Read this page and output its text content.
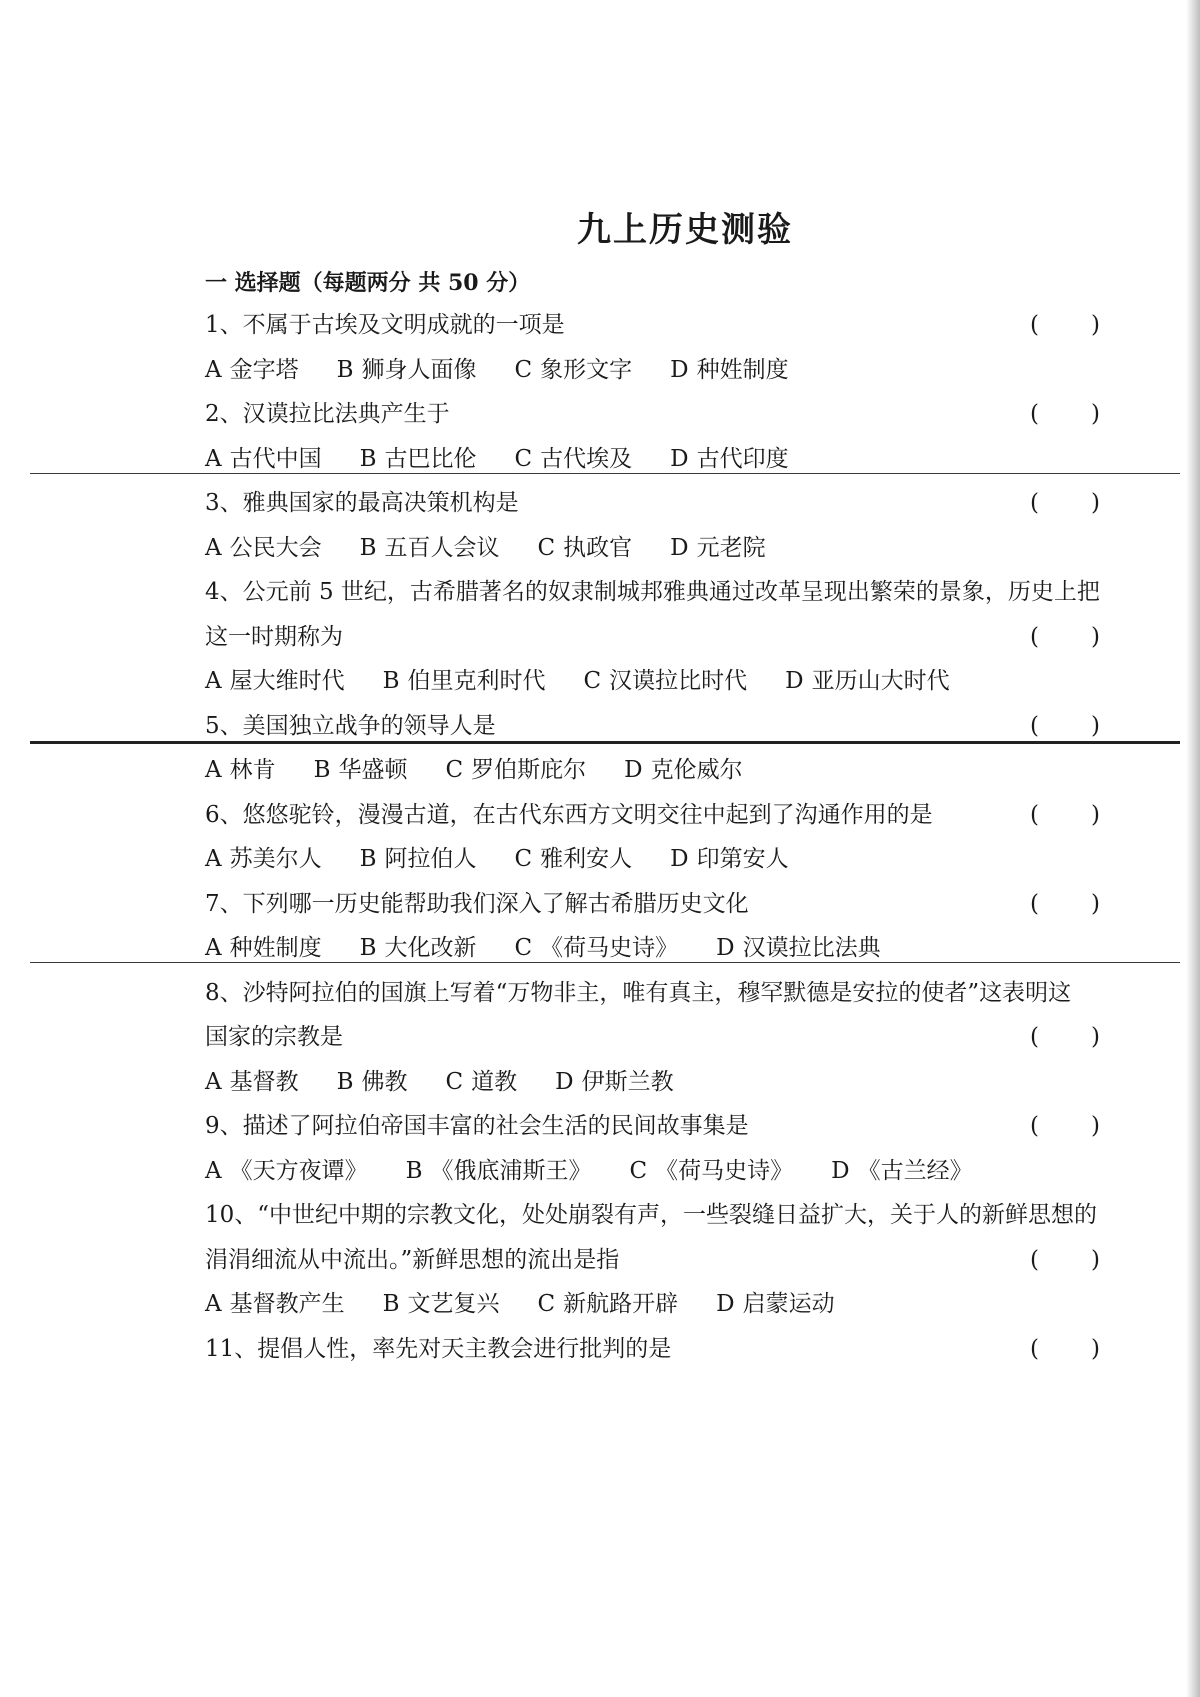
九上历史测验
一 选择题（每题两分 共 50 分）
1、不属于古埃及文明成就的一项是	( )
A 金字塔 B 狮身人面像 C 象形文字 D 种姓制度
2、汉谟拉比法典产生于	( )
A 古代中国 B 古巴比伦 C 古代埃及 D 古代印度
3、雅典国家的最高决策机构是	( )
A 公民大会 B 五百人会议 C 执政官 D 元老院
4、公元前 5 世纪，古希腊著名的奴隶制城邦雅典通过改革呈现出繁荣的景象，历史上把
这一时期称为	( )
A 屋大维时代 B 伯里克利时代 C 汉谟拉比时代 D 亚历山大时代
5、美国独立战争的领导人是	( )
A 林肯 B 华盛顿 C 罗伯斯庇尔 D 克伦威尔
6、悠悠驼铃，漫漫古道，在古代东西方文明交往中起到了沟通作用的是	( )
A 苏美尔人 B 阿拉伯人 C 雅利安人 D 印第安人
7、下列哪一历史能帮助我们深入了解古希腊历史文化	( )
A 种姓制度 B 大化改新 C 《荷马史诗》 D 汉谟拉比法典
8、沙特阿拉伯的国旗上写着“万物非主，唯有真主，穆罕默德是安拉的使者”这表明这
国家的宗教是	( )
A 基督教 B 佛教 C 道教 D 伊斯兰教
9、描述了阿拉伯帝国丰富的社会生活的民间故事集是	( )
A 《天方夜谭》 B 《俄底浦斯王》 C 《荷马史诗》 D 《古兰经》
10、“中世纪中期的宗教文化，处处崩裂有声，一些裂缝日益扩大，关于人的新鲜思想的
涓涓细流从中流出。”新鲜思想的流出是指	( )
A 基督教产生 B 文艺复兴 C 新航路开辟 D 启蒙运动
11、提倡人性，率先对天主教会进行批判的是	( )
